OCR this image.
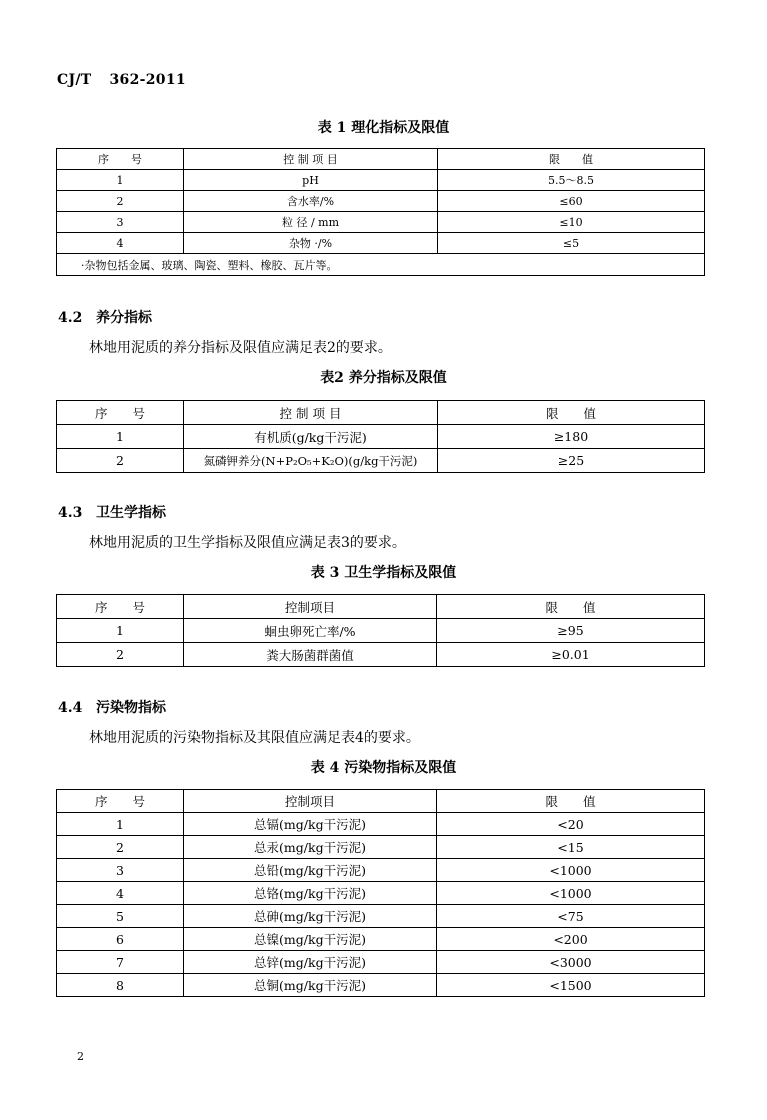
CJ/T 362-2011
表 1 理化指标及限值
序　　号	控 制 项 目	限　　值
1	pH	5.5～8.5
2	含水率/%	≤60
3	粒 径 / mm	≤10
4	杂物 ·/%	≤5
·杂物包括金属、玻璃、陶瓷、塑料、橡胶、瓦片等。		
4.2 养分指标
林地用泥质的养分指标及限值应满足表2的要求。
表2 养分指标及限值
序　　号	控 制 项 目	限　　值
1	有机质(g/kg干污泥)	≥180
2	氮磷钾养分(N+P₂O₅+K₂O)(g/kg干污泥)	≥25
4.3 卫生学指标
林地用泥质的卫生学指标及限值应满足表3的要求。
表 3 卫生学指标及限值
序　　号	控制项目	限　　值
1	蛔虫卵死亡率/%	≥95
2	粪大肠菌群菌值	≥0.01
4.4 污染物指标
林地用泥质的污染物指标及其限值应满足表4的要求。
表 4 污染物指标及限值
序　　号	控制项目	限　　值
1	总镉(mg/kg干污泥)	<20
2	总汞(mg/kg干污泥)	<15
3	总铅(mg/kg干污泥)	<1000
4	总铬(mg/kg干污泥)	<1000
5	总砷(mg/kg干污泥)	<75
6	总镍(mg/kg干污泥)	<200
7	总锌(mg/kg干污泥)	<3000
8	总铜(mg/kg干污泥)	<1500
2
